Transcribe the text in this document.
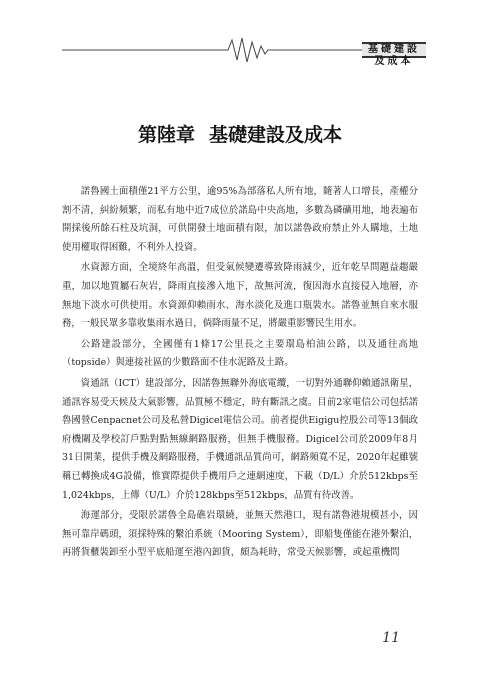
基礎建設及成本
第陸章 基礎建設及成本

諾魯國土面積僅21平方公里，逾95%為部落私人所有地，隨著人口增長，產權分割不清，糾紛頻繁，而私有地中近7成位於諾島中央高地，多數為磷礦用地，地表遍布開採後所餘石柱及坑洞，可供開發土地面積有限，加以諾魯政府禁止外人購地，土地使用權取得困難，不利外人投資。

水資源方面，全境終年高溫，但受氣候變遷導致降雨減少，近年乾旱問題益趨嚴重，加以地質屬石灰岩，降雨直接滲入地下，故無河流，復因海水直接侵入地層，亦無地下淡水可供使用。水資源仰賴雨水、海水淡化及進口瓶裝水。諾魯並無自來水服務，一般民眾多靠收集雨水過日，倘降雨量不足，將嚴重影響民生用水。

公路建設部分，全國僅有1條17公里長之主要環島柏油公路，以及通往高地（topside）與連接社區的少數路面不佳水泥路及土路。

資通訊（ICT）建設部分，因諾魯無聯外海底電纜，一切對外通聯仰賴通訊衛星，通訊容易受天候及大氣影響，品質極不穩定，時有斷訊之虞。目前2家電信公司包括諾魯國營Cenpacnet公司及私營Digicel電信公司。前者提供Eigigu控股公司等13個政府機關及學校訂戶點對點無線網路服務，但無手機服務。Digicel公司於2009年8月31日開業，提供手機及網路服務，手機通訊品質尚可，網路頻寬不足，2020年起雖號稱已轉換成4G設備，惟實際提供手機用戶之連網速度，下載（D/L）介於512kbps至1,024kbps，上傳（U/L）介於128kbps至512kbps，品質有待改善。

海運部分，受限於諾魯全島礁岩環繞，並無天然港口，現有諾魯港規模甚小，因無可靠岸碼頭，須採特殊的繫泊系統（Mooring System），即船隻僅能在港外繫泊，再將貨櫃裝卸至小型平底船運至港內卸貨，頗為耗時，常受天候影響，或起重機問

11
